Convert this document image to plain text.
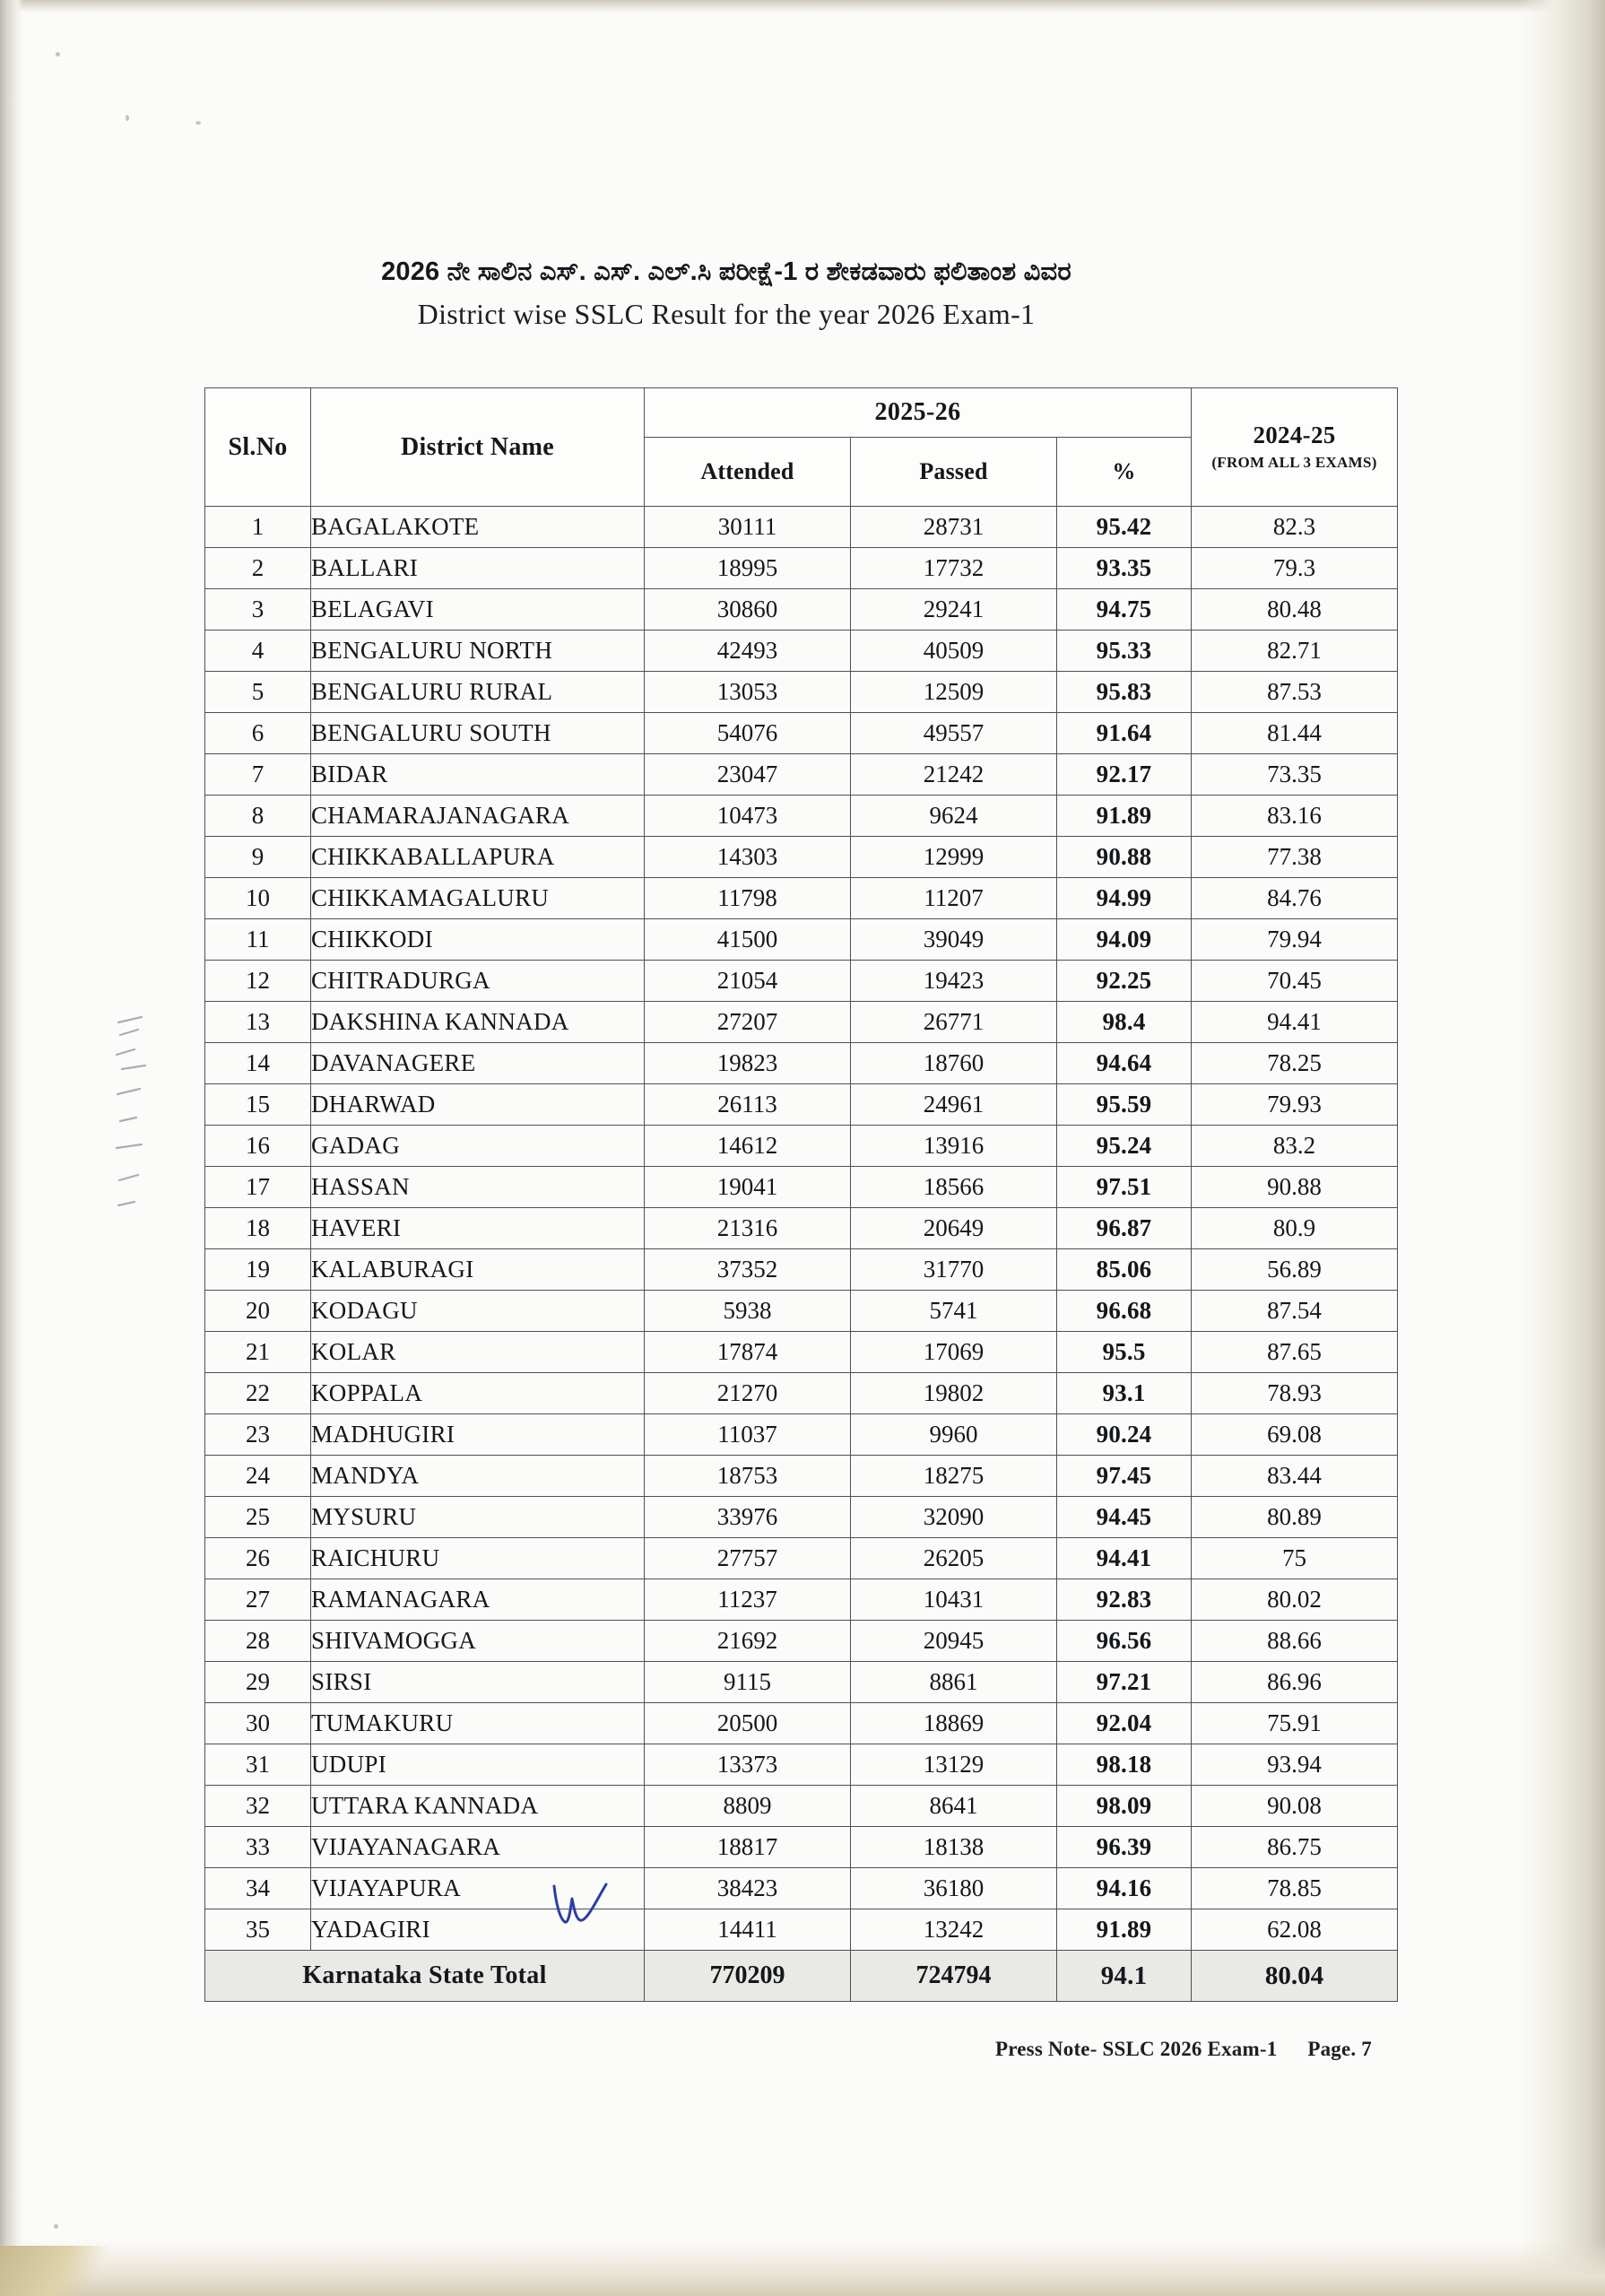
2026 ನೇ ಸಾಲಿನ ಎಸ್. ಎಸ್. ಎಲ್.ಸಿ ಪರೀಕ್ಷೆ-1 ರ ಶೇಕಡವಾರು ಫಲಿತಾಂಶ ವಿವರ

District wise SSLC Result for the year 2026 Exam-1

Sl.No	District Name	2025-26			2024-25
(FROM ALL 3 EXAMS)

		Attended	Passed	%	
1	BAGALAKOTE	30111	28731	95.42	82.3
2	BALLARI	18995	17732	93.35	79.3
3	BELAGAVI	30860	29241	94.75	80.48
4	BENGALURU NORTH	42493	40509	95.33	82.71
5	BENGALURU RURAL	13053	12509	95.83	87.53
6	BENGALURU SOUTH	54076	49557	91.64	81.44
7	BIDAR	23047	21242	92.17	73.35
8	CHAMARAJANAGARA	10473	9624	91.89	83.16
9	CHIKKABALLAPURA	14303	12999	90.88	77.38
10	CHIKKAMAGALURU	11798	11207	94.99	84.76
11	CHIKKODI	41500	39049	94.09	79.94
12	CHITRADURGA	21054	19423	92.25	70.45
13	DAKSHINA KANNADA	27207	26771	98.4	94.41
14	DAVANAGERE	19823	18760	94.64	78.25
15	DHARWAD	26113	24961	95.59	79.93
16	GADAG	14612	13916	95.24	83.2
17	HASSAN	19041	18566	97.51	90.88
18	HAVERI	21316	20649	96.87	80.9
19	KALABURAGI	37352	31770	85.06	56.89
20	KODAGU	5938	5741	96.68	87.54
21	KOLAR	17874	17069	95.5	87.65
22	KOPPALA	21270	19802	93.1	78.93
23	MADHUGIRI	11037	9960	90.24	69.08
24	MANDYA	18753	18275	97.45	83.44
25	MYSURU	33976	32090	94.45	80.89
26	RAICHURU	27757	26205	94.41	75
27	RAMANAGARA	11237	10431	92.83	80.02
28	SHIVAMOGGA	21692	20945	96.56	88.66
29	SIRSI	9115	8861	97.21	86.96
30	TUMAKURU	20500	18869	92.04	75.91
31	UDUPI	13373	13129	98.18	93.94
32	UTTARA KANNADA	8809	8641	98.09	90.08
33	VIJAYANAGARA	18817	18138	96.39	86.75
34	VIJAYAPURA	38423	36180	94.16	78.85
35	YADAGIRI	14411	13242	91.89	62.08
Karnataka State Total		770209	724794	94.1	80.04
Press Note- SSLC 2026 Exam-1 Page. 7
